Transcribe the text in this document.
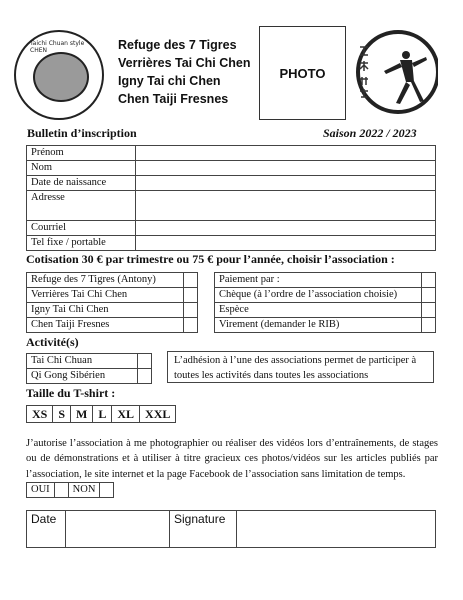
Taichi Chuan style CHEN	Refuge des 7 Tigres
Verrières Tai Chi Chen
Igny Tai chi Chen
Chen Taiji Fresnes
PHOTO
Bulletin d’inscription	Saison 2022 / 2023
Prénom	
Nom	
Date de naissance	
Adresse	
Courriel	
Tel fixe / portable	
Cotisation 30 € par trimestre ou 75 € pour l’année, choisir l’association :
Refuge des 7 Tigres (Antony)	
Verrières Tai Chi Chen	
Igny Tai Chi Chen	
Chen Taiji Fresnes	
Paiement par :	
Chèque (à l’ordre de l’association choisie)	
Espèce	
Virement (demander le RIB)	
Activité(s)
Tai Chi Chuan	
Qi Gong Sibérien	
L’adhésion à l’une des associations permet de participer à toutes les activités dans toutes les associations
Taille du T-shirt :
XS	S	M	L	XL	XXL
J’autorise l’association à me photographier ou réaliser des vidéos lors d’entraînements, de stages ou de démonstrations et à utiliser à titre gracieux ces photos/vidéos sur les articles publiés par l’association, le site internet et la page Facebook de l’association sans limitation de temps.
OUI		NON	
Date		Signature	
